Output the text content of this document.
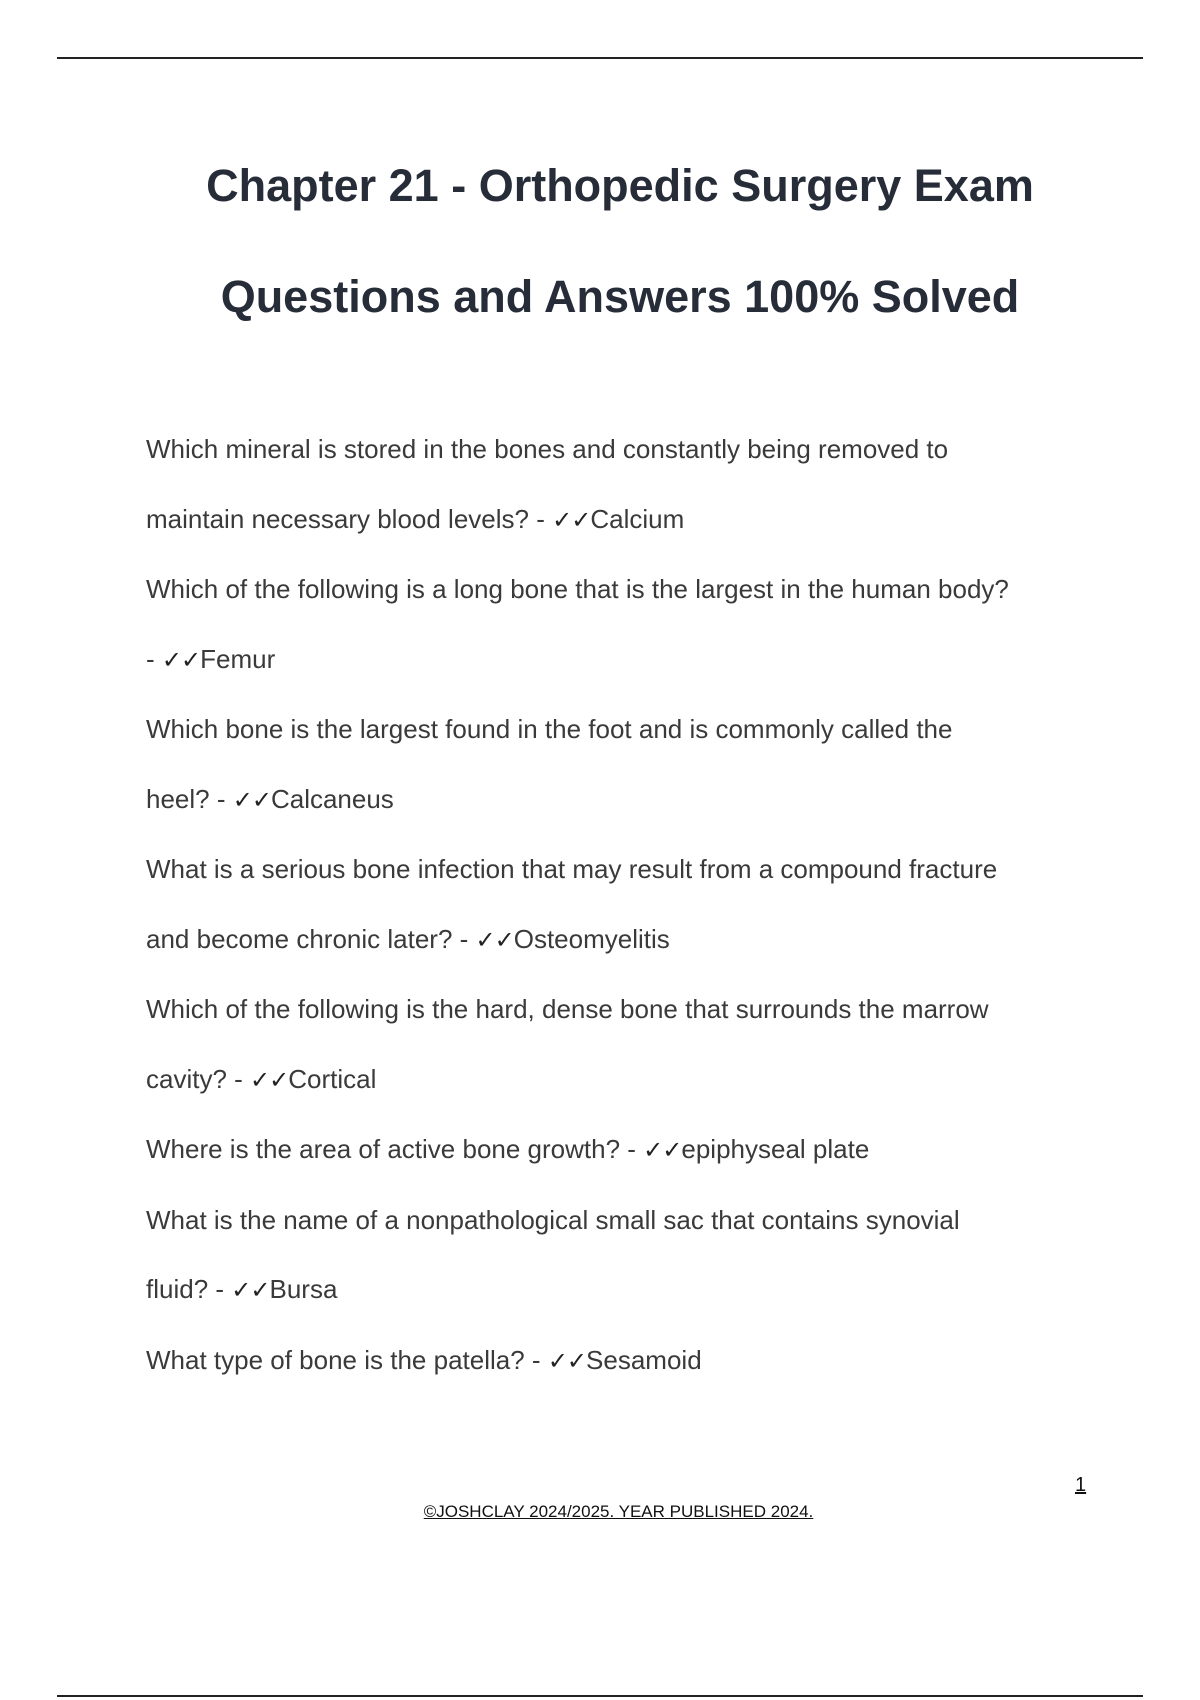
Chapter 21 - Orthopedic Surgery Exam
Questions and Answers 100% Solved
Which mineral is stored in the bones and constantly being removed to
maintain necessary blood levels? - ✓✓Calcium
Which of the following is a long bone that is the largest in the human body?
- ✓✓Femur
Which bone is the largest found in the foot and is commonly called the
heel? - ✓✓Calcaneus
What is a serious bone infection that may result from a compound fracture
and become chronic later? - ✓✓Osteomyelitis
Which of the following is the hard, dense bone that surrounds the marrow
cavity? - ✓✓Cortical
Where is the area of active bone growth? - ✓✓epiphyseal plate
What is the name of a nonpathological small sac that contains synovial
fluid? - ✓✓Bursa
What type of bone is the patella? - ✓✓Sesamoid
1
©JOSHCLAY 2024/2025. YEAR PUBLISHED 2024.
